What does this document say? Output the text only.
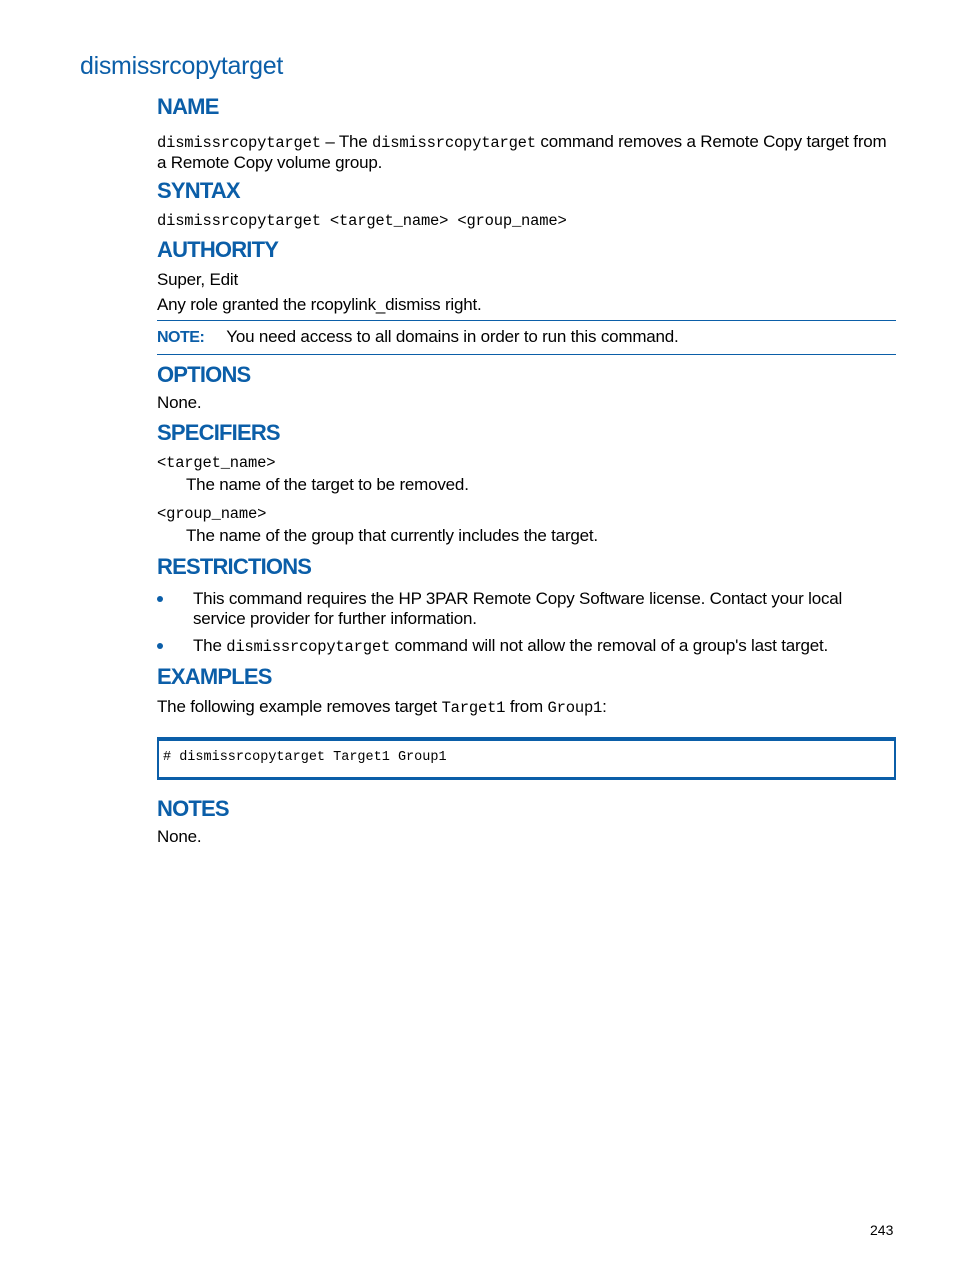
dismissrcopytarget
NAME

dismissrcopytarget – The dismissrcopytarget command removes a Remote Copy target from a Remote Copy volume group.

SYNTAX

dismissrcopytarget <target_name> <group_name>

AUTHORITY

Super, Edit

Any role granted the rcopylink_dismiss right.

NOTE: You need access to all domains in order to run this command.
OPTIONS

None.

SPECIFIERS

<target_name>

The name of the target to be removed.

<group_name>

The name of the group that currently includes the target.

RESTRICTIONS
This command requires the HP 3PAR Remote Copy Software license. Contact your local service provider for further information.
The dismissrcopytarget command will not allow the removal of a group's last target.
EXAMPLES

The following example removes target Target1 from Group1:

# dismissrcopytarget Target1 Group1
NOTES

None.

243
